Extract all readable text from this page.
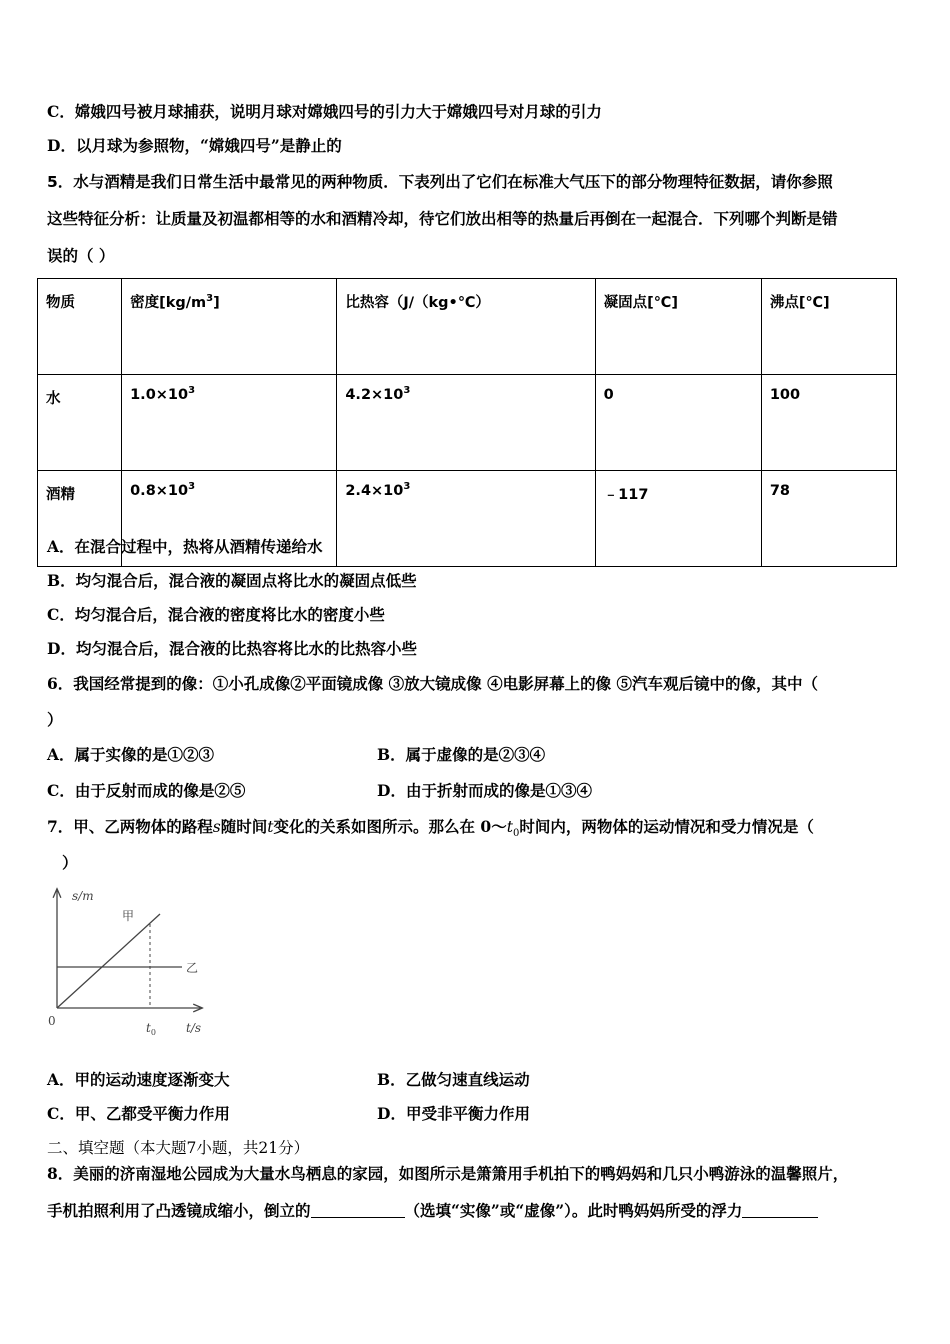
C．嫦娥四号被月球捕获，说明月球对嫦娥四号的引力大于嫦娥四号对月球的引力
D．以月球为参照物，“嫦娥四号”是静止的
5．水与酒精是我们日常生活中最常见的两种物质．下表列出了它们在标准大气压下的部分物理特征数据，请你参照
这些特征分析：让质量及初温都相等的水和酒精冷却，待它们放出相等的热量后再倒在一起混合．下列哪个判断是错
误的（ ）
物质	密度$[kg/m^3]$	比热容（J/（kg•℃）	凝固点[℃]	沸点[℃]
水	$1.0\times 10^3$	$4.2\times 10^3$	0	100
酒精	$0.8\times 10^3$	$2.4\times 10^3$	﹣117	78
A．在混合过程中，热将从酒精传递给水
B．均匀混合后，混合液的凝固点将比水的凝固点低些
C．均匀混合后，混合液的密度将比水的密度小些
D．均匀混合后，混合液的比热容将比水的比热容小些
6．我国经常提到的像：①小孔成像②平面镜成像 ③放大镜成像 ④电影屏幕上的像 ⑤汽车观后镜中的像，其中（
）
A．属于实像的是①②③	B．属于虚像的是②③④
C．由于反射而成的像是②⑤	D．由于折射而成的像是①③④
7．甲、乙两物体的路程s随时间t变化的关系如图所示。那么在 $0\sim t_0$时间内，两物体的运动情况和受力情况是（
）
s/m
t/s
0	$t_0$
甲
乙
A．甲的运动速度逐渐变大	B．乙做匀速直线运动
C．甲、乙都受平衡力作用	D．甲受非平衡力作用
二、填空题（本大题7小题，共21分）
8．美丽的济南湿地公园成为大量水鸟栖息的家园，如图所示是箫箫用手机拍下的鸭妈妈和几只小鸭游泳的温馨照片，
手机拍照利用了凸透镜成缩小，倒立的	（选填“实像”或“虚像”）。此时鸭妈妈所受的浮力
